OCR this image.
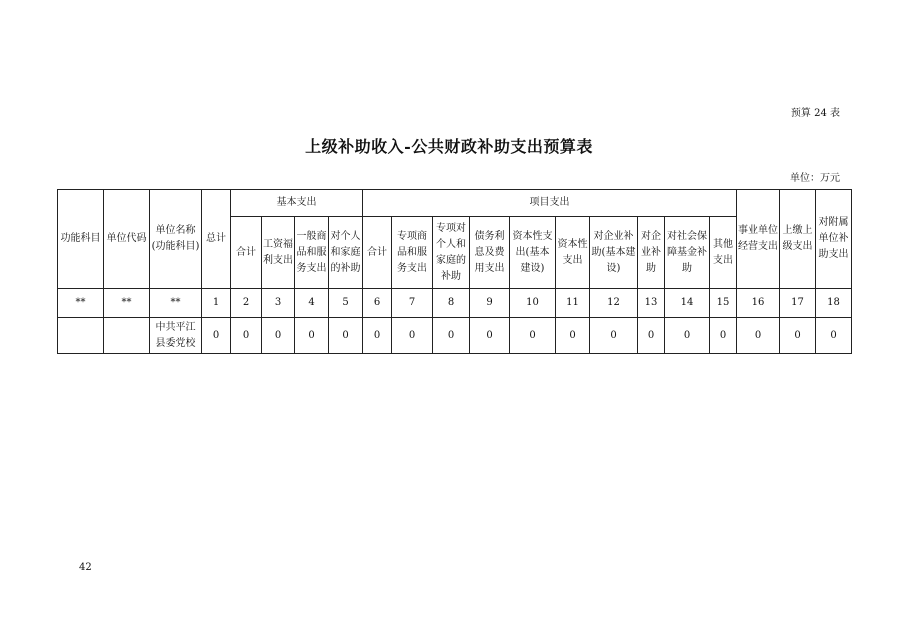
预算 24 表
上级补助收入-公共财政补助支出预算表
单位：万元
功能科目	单位代码	单位名称(功能科目)	总计	基本支出				项目支出										事业单位经营支出	上缴上级支出	对附属单位补助支出
				合计	工资福利支出	一般商品和服务支出	对个人和家庭的补助	合计	专项商品和服务支出	专项对个人和家庭的补助	债务利息及费用支出	资本性支出(基本建设)	资本性支出	对企业补助(基本建设)	对企业补助	对社会保障基金补助	其他支出			
**	**	**	1	2	3	4	5	6	7	8	9	10	11	12	13	14	15	16	17	18
		中共平江县委党校	0	0	0	0	0	0	0	0	0	0	0	0	0	0	0	0	0	0
42
